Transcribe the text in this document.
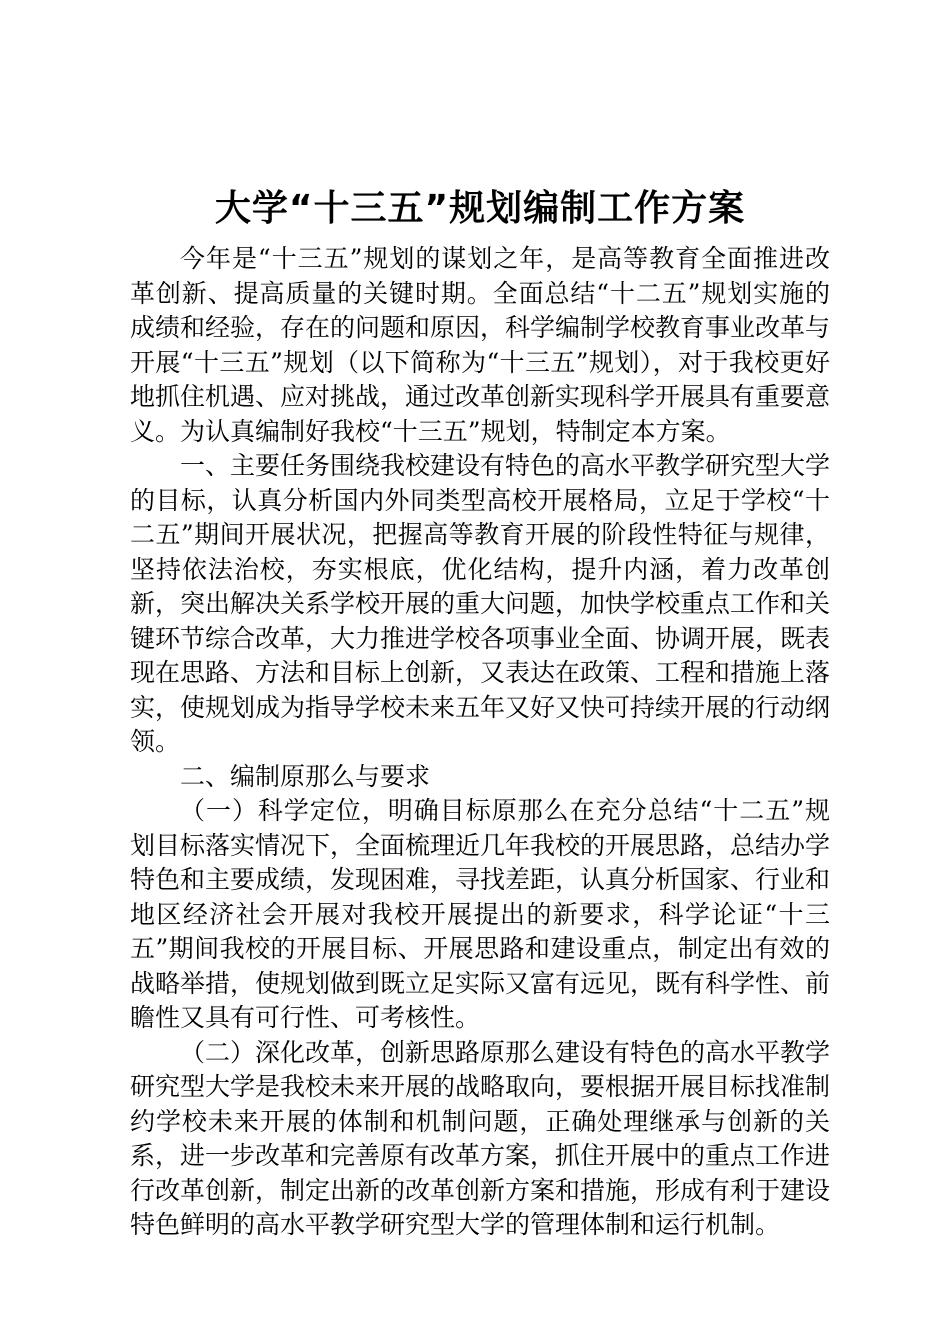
大学“十三五”规划编制工作方案

今年是“十三五”规划的谋划之年，是高等教育全面推进改革创新、提高质量的关键时期。全面总结“十二五”规划实施的成绩和经验，存在的问题和原因，科学编制学校教育事业改革与开展“十三五”规划（以下简称为“十三五”规划），对于我校更好地抓住机遇、应对挑战，通过改革创新实现科学开展具有重要意义。为认真编制好我校“十三五”规划，特制定本方案。

一、主要任务围绕我校建设有特色的高水平教学研究型大学的目标，认真分析国内外同类型高校开展格局，立足于学校“十二五”期间开展状况，把握高等教育开展的阶段性特征与规律，坚持依法治校，夯实根底，优化结构，提升内涵，着力改革创新，突出解决关系学校开展的重大问题，加快学校重点工作和关键环节综合改革，大力推进学校各项事业全面、协调开展，既表现在思路、方法和目标上创新，又表达在政策、工程和措施上落实，使规划成为指导学校未来五年又好又快可持续开展的行动纲领。

二、编制原那么与要求

（一）科学定位，明确目标原那么在充分总结“十二五”规划目标落实情况下，全面梳理近几年我校的开展思路，总结办学特色和主要成绩，发现困难，寻找差距，认真分析国家、行业和地区经济社会开展对我校开展提出的新要求，科学论证“十三五”期间我校的开展目标、开展思路和建设重点，制定出有效的战略举措，使规划做到既立足实际又富有远见，既有科学性、前瞻性又具有可行性、可考核性。

（二）深化改革，创新思路原那么建设有特色的高水平教学研究型大学是我校未来开展的战略取向，要根据开展目标找准制约学校未来开展的体制和机制问题，正确处理继承与创新的关系，进一步改革和完善原有改革方案，抓住开展中的重点工作进行改革创新，制定出新的改革创新方案和措施，形成有利于建设特色鲜明的高水平教学研究型大学的管理体制和运行机制。
